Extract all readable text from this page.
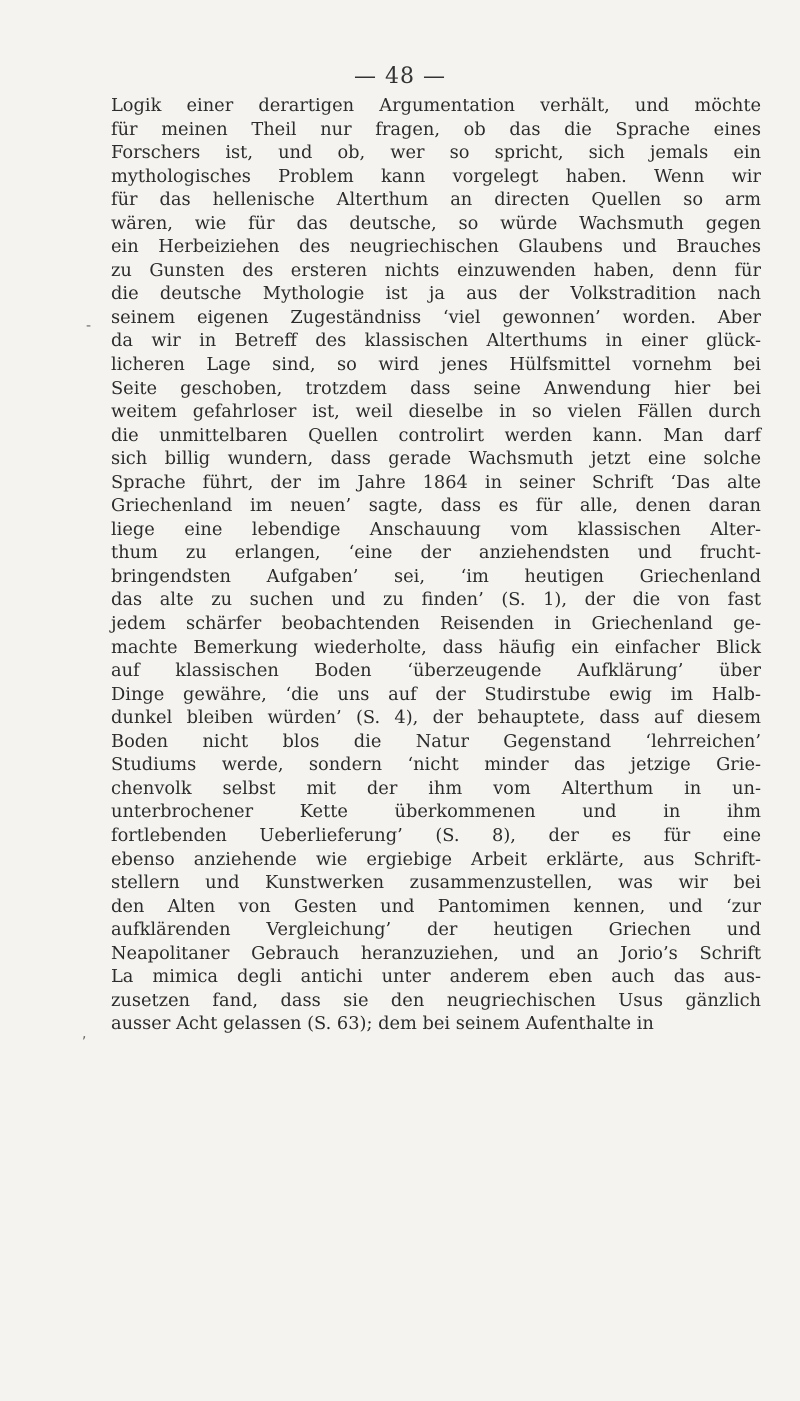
— 48 —
-
,
Logik einer derartigen Argumentation verhält, und möchte
für meinen Theil nur fragen, ob das die Sprache eines
Forschers ist, und ob, wer so spricht, sich jemals ein
mythologisches Problem kann vorgelegt haben. Wenn wir
für das hellenische Alterthum an directen Quellen so arm
wären, wie für das deutsche, so würde Wachsmuth gegen
ein Herbeiziehen des neugriechischen Glaubens und Brauches
zu Gunsten des ersteren nichts einzuwenden haben, denn für
die deutsche Mythologie ist ja aus der Volkstradition nach
seinem eigenen Zugeständniss ‘viel gewonnen’ worden. Aber
da wir in Betreff des klassischen Alterthums in einer glück-
licheren Lage sind, so wird jenes Hülfsmittel vornehm bei
Seite geschoben, trotzdem dass seine Anwendung hier bei
weitem gefahrloser ist, weil dieselbe in so vielen Fällen durch
die unmittelbaren Quellen controlirt werden kann. Man darf
sich billig wundern, dass gerade Wachsmuth jetzt eine solche
Sprache führt, der im Jahre 1864 in seiner Schrift ‘Das alte
Griechenland im neuen’ sagte, dass es für alle, denen daran
liege eine lebendige Anschauung vom klassischen Alter-
thum zu erlangen, ‘eine der anziehendsten und frucht-
bringendsten Aufgaben’ sei, ‘im heutigen Griechenland
das alte zu suchen und zu finden’ (S. 1), der die von fast
jedem schärfer beobachtenden Reisenden in Griechenland ge-
machte Bemerkung wiederholte, dass häufig ein einfacher Blick
auf klassischen Boden ‘überzeugende Aufklärung’ über
Dinge gewähre, ‘die uns auf der Studirstube ewig im Halb-
dunkel bleiben würden’ (S. 4), der behauptete, dass auf diesem
Boden nicht blos die Natur Gegenstand ‘lehrreichen’
Studiums werde, sondern ‘nicht minder das jetzige Grie-
chenvolk selbst mit der ihm vom Alterthum in un-
unterbrochener Kette überkommenen und in ihm
fortlebenden Ueberlieferung’ (S. 8), der es für eine
ebenso anziehende wie ergiebige Arbeit erklärte, aus Schrift-
stellern und Kunstwerken zusammenzustellen, was wir bei
den Alten von Gesten und Pantomimen kennen, und ‘zur
aufklärenden Vergleichung’ der heutigen Griechen und
Neapolitaner Gebrauch heranzuziehen, und an Jorio’s Schrift
La mimica degli antichi unter anderem eben auch das aus-
zusetzen fand, dass sie den neugriechischen Usus gänzlich
ausser Acht gelassen (S. 63); dem bei seinem Aufenthalte in
